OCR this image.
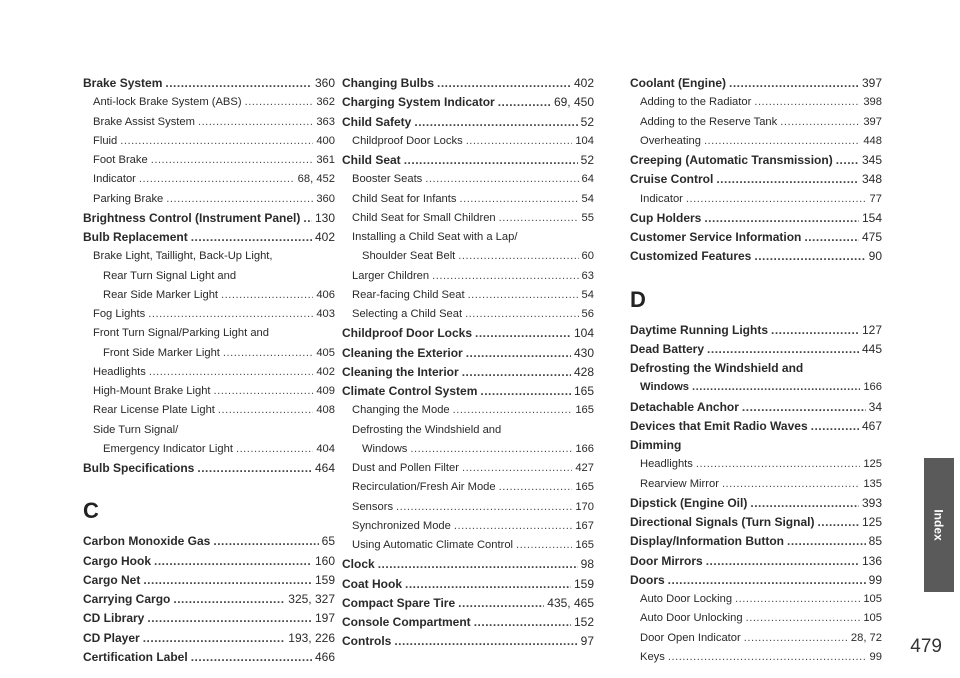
Brake System .....	360
Anti-lock Brake System (ABS) .....	362
Brake Assist System .....	363
Fluid .....	400
Foot Brake .....	361
Indicator .....	68, 452
Parking Brake .....	360
Brightness Control (Instrument Panel) ..... 130
Bulb Replacement .....	402
Brake Light, Taillight, Back-Up Light,
Rear Turn Signal Light and
Rear Side Marker Light .....	406
Fog Lights .....	403
Front Turn Signal/Parking Light and
Front Side Marker Light .....	405
Headlights .....	402
High-Mount Brake Light .....	409
Rear License Plate Light .....	408
Side Turn Signal/
Emergency Indicator Light .....	404
Bulb Specifications .....	464
C
Carbon Monoxide Gas .....	65
Cargo Hook .....	160
Cargo Net .....	159
Carrying Cargo .....	325, 327
CD Library .....	197
CD Player .....	193, 226
Certification Label .....	466
Changing Bulbs .....	402
Charging System Indicator .....	69, 450
Child Safety .....	52
Childproof Door Locks .....	104
Child Seat .....	52
Booster Seats .....	64
Child Seat for Infants .....	54
Child Seat for Small Children .....	55
Installing a Child Seat with a Lap/
Shoulder Seat Belt .....	60
Larger Children .....	63
Rear-facing Child Seat .....	54
Selecting a Child Seat .....	56
Childproof Door Locks .....	104
Cleaning the Exterior .....	430
Cleaning the Interior .....	428
Climate Control System .....	165
Changing the Mode .....	165
Defrosting the Windshield and
Windows .....	166
Dust and Pollen Filter .....	427
Recirculation/Fresh Air Mode .....	165
Sensors .....	170
Synchronized Mode .....	167
Using Automatic Climate Control .....	165
Clock .....	98
Coat Hook .....	159
Compact Spare Tire .....	435, 465
Console Compartment .....	152
Controls .....	97
Coolant (Engine) .....	397
Adding to the Radiator .....	398
Adding to the Reserve Tank .....	397
Overheating .....	448
Creeping (Automatic Transmission) ..... 345
Cruise Control .....	348
Indicator .....	77
Cup Holders .....	154
Customer Service Information .....	475
Customized Features .....	90
D
Daytime Running Lights .....	127
Dead Battery .....	445
Defrosting the Windshield and
Windows .....	166
Detachable Anchor .....	34
Devices that Emit Radio Waves .....	467
Dimming
Headlights .....	125
Rearview Mirror .....	135
Dipstick (Engine Oil) .....	393
Directional Signals (Turn Signal) .....	125
Display/Information Button .....	85
Door Mirrors .....	136
Doors .....	99
Auto Door Locking .....	105
Auto Door Unlocking .....	105
Door Open Indicator .....	28, 72
Keys .....	99
Index
479
